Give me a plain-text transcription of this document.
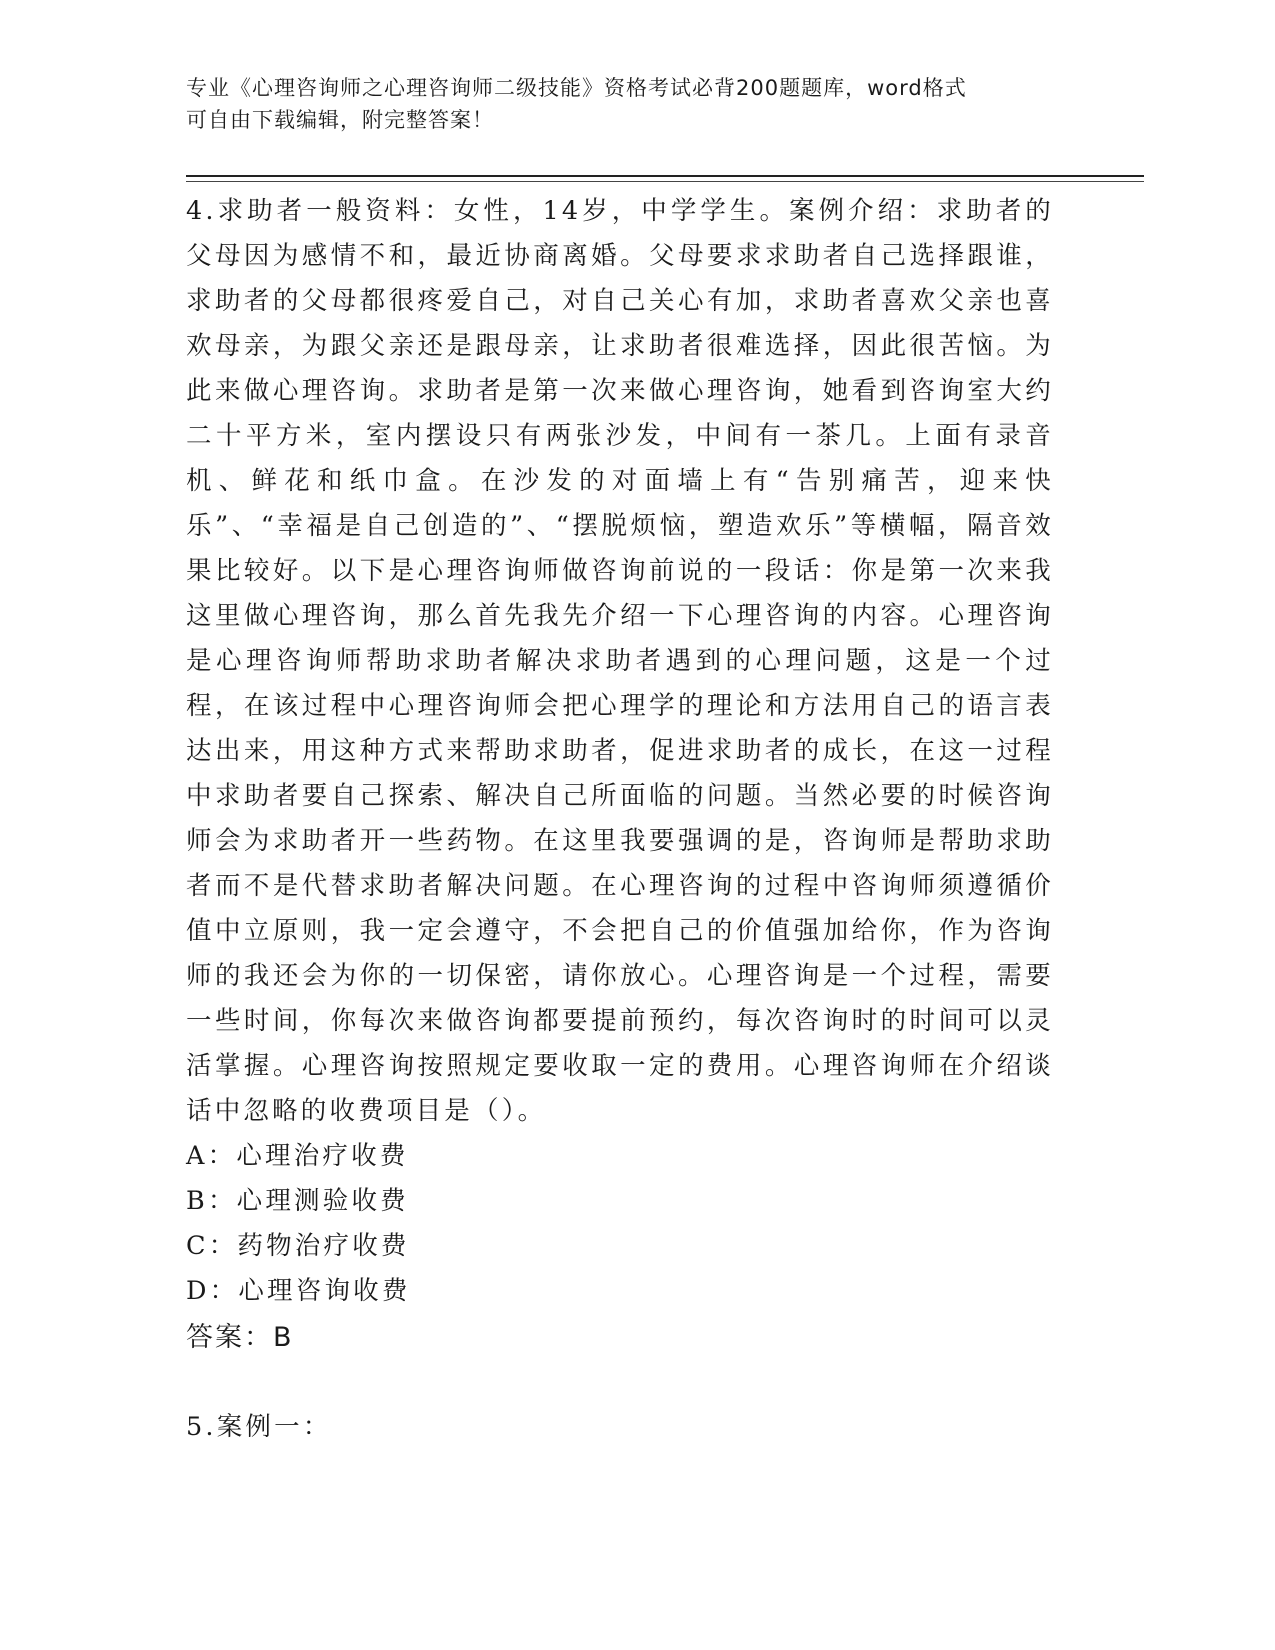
专业《心理咨询师之心理咨询师二级技能》资格考试必背200题题库，word格式
可自由下载编辑，附完整答案！

4.求助者一般资料：女性，14岁，中学学生。案例介绍：求助者的父母因为感情不和，最近协商离婚。父母要求求助者自己选择跟谁，求助者的父母都很疼爱自己，对自己关心有加，求助者喜欢父亲也喜欢母亲，为跟父亲还是跟母亲，让求助者很难选择，因此很苦恼。为此来做心理咨询。求助者是第一次来做心理咨询，她看到咨询室大约二十平方米，室内摆设只有两张沙发，中间有一茶几。上面有录音机、鲜花和纸巾盒。在沙发的对面墙上有“告别痛苦，迎来快乐”、“幸福是自己创造的”、“摆脱烦恼，塑造欢乐”等横幅，隔音效果比较好。以下是心理咨询师做咨询前说的一段话：你是第一次来我这里做心理咨询，那么首先我先介绍一下心理咨询的内容。心理咨询是心理咨询师帮助求助者解决求助者遇到的心理问题，这是一个过程，在该过程中心理咨询师会把心理学的理论和方法用自己的语言表达出来，用这种方式来帮助求助者，促进求助者的成长，在这一过程中求助者要自己探索、解决自己所面临的问题。当然必要的时候咨询师会为求助者开一些药物。在这里我要强调的是，咨询师是帮助求助者而不是代替求助者解决问题。在心理咨询的过程中咨询师须遵循价值中立原则，我一定会遵守，不会把自己的价值强加给你，作为咨询师的我还会为你的一切保密，请你放心。心理咨询是一个过程，需要一些时间，你每次来做咨询都要提前预约，每次咨询时的时间可以灵活掌握。心理咨询按照规定要收取一定的费用。心理咨询师在介绍谈话中忽略的收费项目是（）。

A：心理治疗收费
B：心理测验收费
C：药物治疗收费
D：心理咨询收费
答案：B
5.案例一：
